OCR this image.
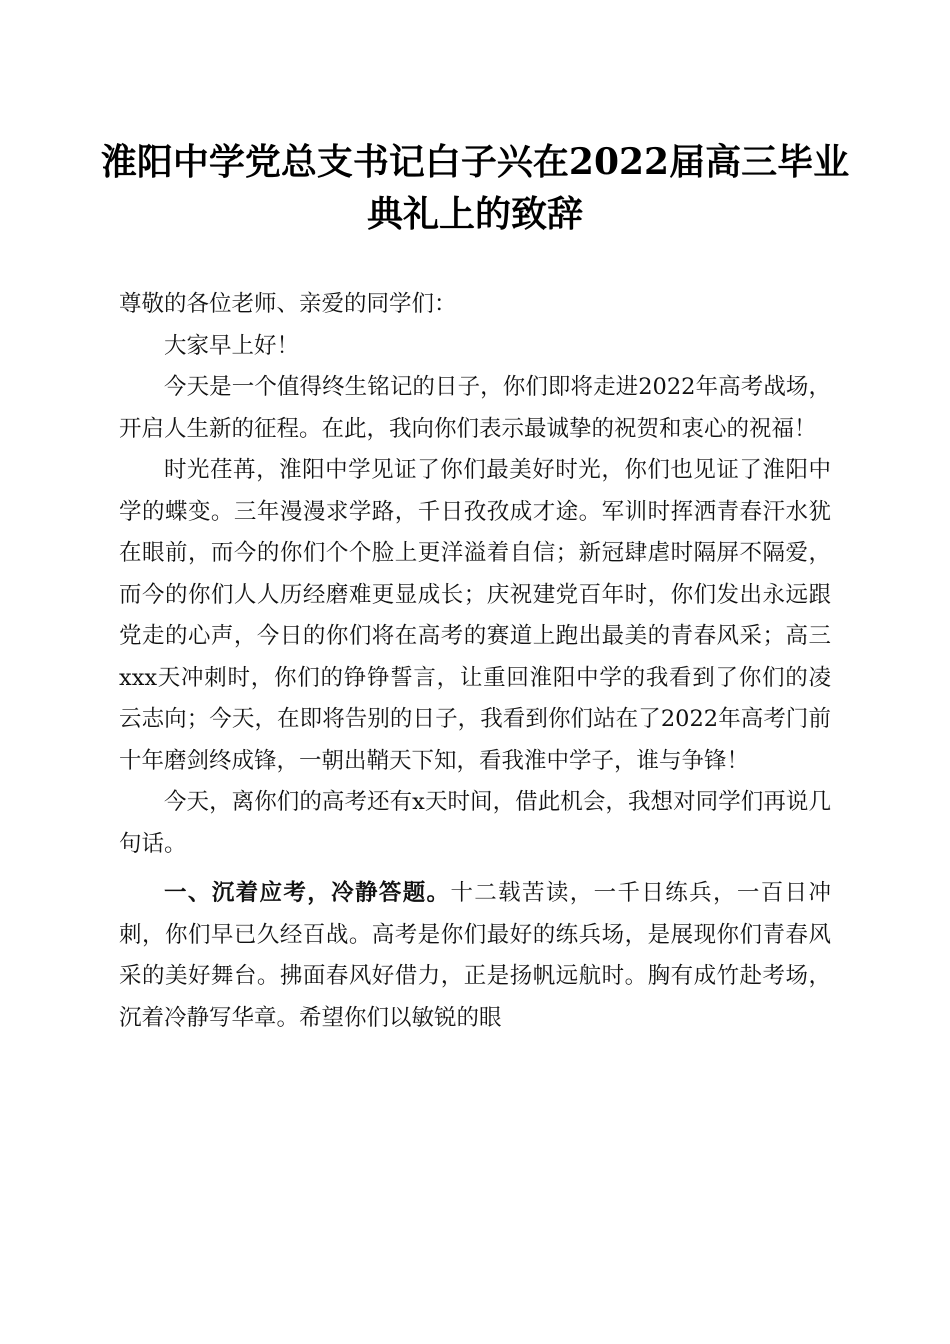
淮阳中学党总支书记白子兴在2022届高三毕业典礼上的致辞

尊敬的各位老师、亲爱的同学们：

大家早上好！

今天是一个值得终生铭记的日子，你们即将走进2022年高考战场，开启人生新的征程。在此，我向你们表示最诚挚的祝贺和衷心的祝福！

时光荏苒，淮阳中学见证了你们最美好时光，你们也见证了淮阳中学的蝶变。三年漫漫求学路，千日孜孜成才途。军训时挥洒青春汗水犹在眼前，而今的你们个个脸上更洋溢着自信；新冠肆虐时隔屏不隔爱，而今的你们人人历经磨难更显成长；庆祝建党百年时，你们发出永远跟党走的心声，今日的你们将在高考的赛道上跑出最美的青春风采；高三xxx天冲刺时，你们的铮铮誓言，让重回淮阳中学的我看到了你们的凌云志向；今天，在即将告别的日子，我看到你们站在了2022年高考门前十年磨剑终成锋，一朝出鞘天下知，看我淮中学子，谁与争锋！

今天，离你们的高考还有x天时间，借此机会，我想对同学们再说几句话。

一、沉着应考，冷静答题。十二载苦读，一千日练兵，一百日冲刺，你们早已久经百战。高考是你们最好的练兵场，是展现你们青春风采的美好舞台。拂面春风好借力，正是扬帆远航时。胸有成竹赴考场，沉着冷静写华章。希望你们以敏锐的眼
